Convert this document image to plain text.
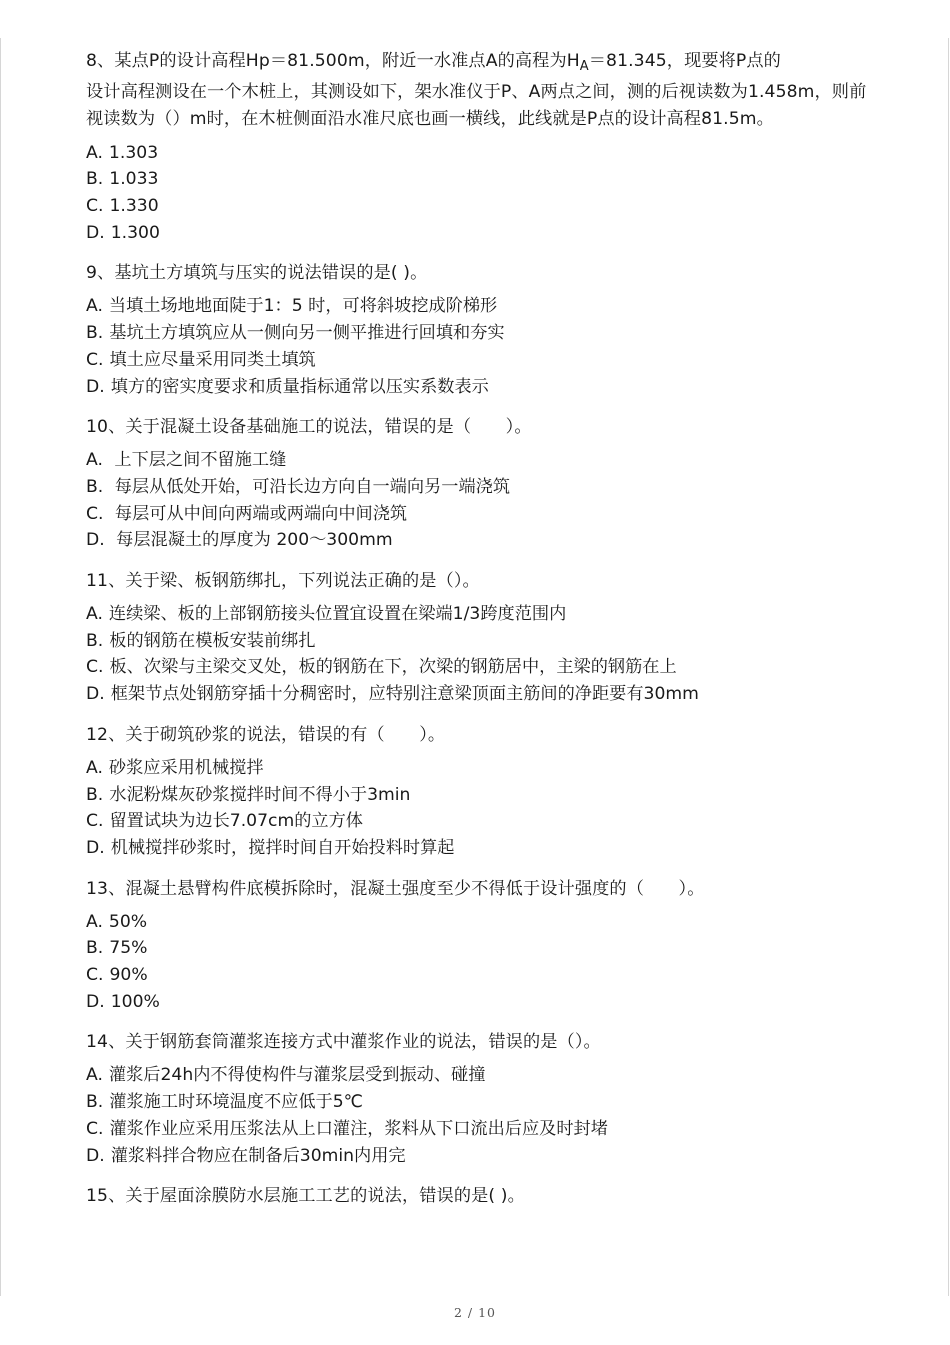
8、某点P的设计高程Hp＝81.500m，附近一水准点A的高程为$H_A=81.345$，现要将P点的
设计高程测设在一个木桩上，其测设如下，架水准仪于P、A两点之间，测的后视读数为1.458m，则前视读数为（）m时，在木桩侧面沿水准尺底也画一横线，此线就是P点的设计高程81.5m。
A. 1.303
B. 1.033
C. 1.330
D. 1.300
9、基坑土方填筑与压实的说法错误的是( )。
A. 当填土场地地面陡于1：5 时，可将斜坡挖成阶梯形
B. 基坑土方填筑应从一侧向另一侧平推进行回填和夯实
C. 填土应尽量采用同类土填筑
D. 填方的密实度要求和质量指标通常以压实系数表示
10、关于混凝土设备基础施工的说法，错误的是（　　）。
A. 上下层之间不留施工缝
B. 每层从低处开始，可沿长边方向自一端向另一端浇筑
C. 每层可从中间向两端或两端向中间浇筑
D. 每层混凝土的厚度为 200～300mm
11、关于梁、板钢筋绑扎，下列说法正确的是（）。
A. 连续梁、板的上部钢筋接头位置宜设置在梁端1/3跨度范围内
B. 板的钢筋在模板安装前绑扎
C. 板、次梁与主梁交叉处，板的钢筋在下，次梁的钢筋居中，主梁的钢筋在上
D. 框架节点处钢筋穿插十分稠密时，应特别注意梁顶面主筋间的净距要有30mm
12、关于砌筑砂浆的说法，错误的有（　　）。
A. 砂浆应采用机械搅拌
B. 水泥粉煤灰砂浆搅拌时间不得小于3min
C. 留置试块为边长7.07cm的立方体
D. 机械搅拌砂浆时，搅拌时间自开始投料时算起
13、混凝土悬臂构件底模拆除时，混凝土强度至少不得低于设计强度的（　　）。
A. 50%
B. 75%
C. 90%
D. 100%
14、关于钢筋套筒灌浆连接方式中灌浆作业的说法，错误的是（）。
A. 灌浆后24h内不得使构件与灌浆层受到振动、碰撞
B. 灌浆施工时环境温度不应低于5℃
C. 灌浆作业应采用压浆法从上口灌注，浆料从下口流出后应及时封堵
D. 灌浆料拌合物应在制备后30min内用完
15、关于屋面涂膜防水层施工工艺的说法，错误的是( )。
2 / 10
